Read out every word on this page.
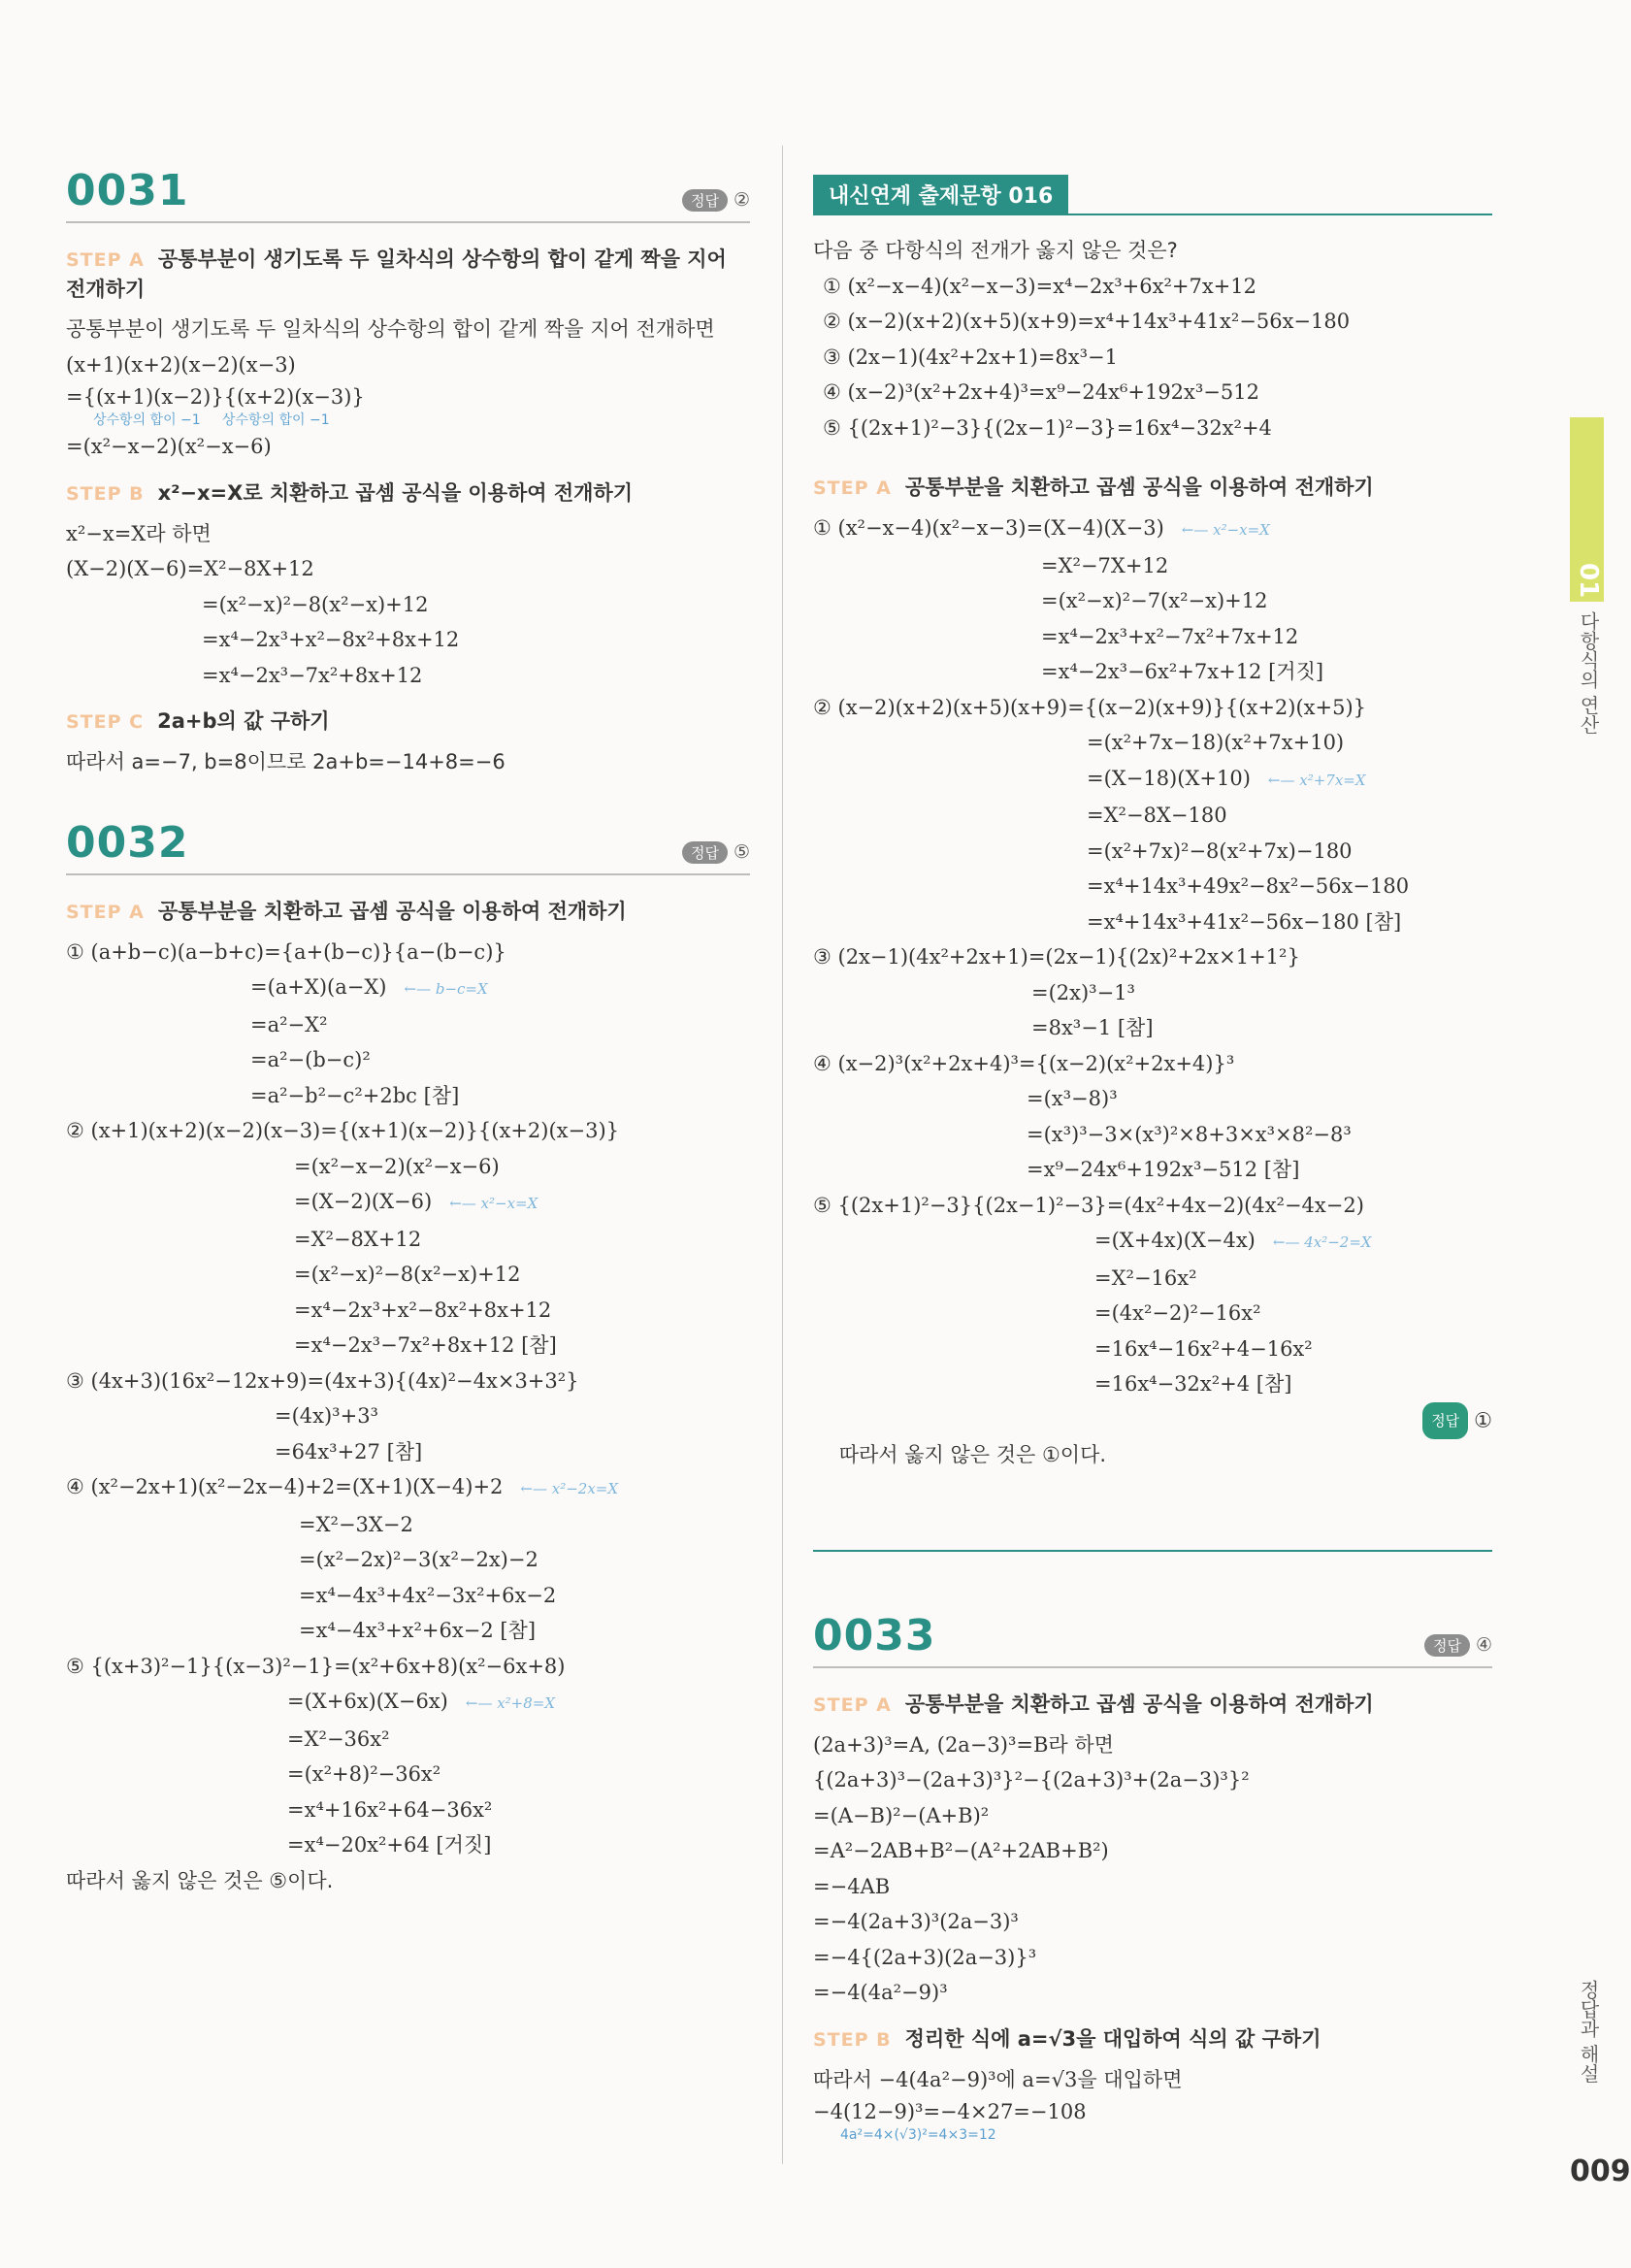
0031	정답 ②
STEP A 공통부분이 생기도록 두 일차식의 상수항의 합이 같게 짝을 지어 전개하기
공통부분이 생기도록 두 일차식의 상수항의 합이 같게 짝을 지어 전개하면
(x+1)(x+2)(x−2)(x−3)
={(x+1)(x−2)}{(x+2)(x−3)}
상수항의 합이 −1     상수항의 합이 −1
=(x²−x−2)(x²−x−6)
STEP B x²−x=X로 치환하고 곱셈 공식을 이용하여 전개하기
x²−x=X라 하면
(X−2)(X−6)=X²−8X+12
=(x²−x)²−8(x²−x)+12
=x⁴−2x³+x²−8x²+8x+12
=x⁴−2x³−7x²+8x+12
STEP C 2a+b의 값 구하기
따라서 a=−7, b=8이므로 2a+b=−14+8=−6
0032	정답 ⑤
STEP A 공통부분을 치환하고 곱셈 공식을 이용하여 전개하기
① (a+b−c)(a−b+c)={a+(b−c)}{a−(b−c)}
=(a+X)(a−X) ←— b−c=X
=a²−X²
=a²−(b−c)²
=a²−b²−c²+2bc [참]
② (x+1)(x+2)(x−2)(x−3)={(x+1)(x−2)}{(x+2)(x−3)}
=(x²−x−2)(x²−x−6)
=(X−2)(X−6) ←— x²−x=X
=X²−8X+12
=(x²−x)²−8(x²−x)+12
=x⁴−2x³+x²−8x²+8x+12
=x⁴−2x³−7x²+8x+12 [참]
③ (4x+3)(16x²−12x+9)=(4x+3){(4x)²−4x×3+3²}
=(4x)³+3³
=64x³+27 [참]
④ (x²−2x+1)(x²−2x−4)+2=(X+1)(X−4)+2 ←— x²−2x=X
=X²−3X−2
=(x²−2x)²−3(x²−2x)−2
=x⁴−4x³+4x²−3x²+6x−2
=x⁴−4x³+x²+6x−2 [참]
⑤ {(x+3)²−1}{(x−3)²−1}=(x²+6x+8)(x²−6x+8)
=(X+6x)(X−6x) ←— x²+8=X
=X²−36x²
=(x²+8)²−36x²
=x⁴+16x²+64−36x²
=x⁴−20x²+64 [거짓]
따라서 옳지 않은 것은 ⑤이다.
내신연계 출제문항 016
다음 중 다항식의 전개가 옳지 않은 것은?
① (x²−x−4)(x²−x−3)=x⁴−2x³+6x²+7x+12
② (x−2)(x+2)(x+5)(x+9)=x⁴+14x³+41x²−56x−180
③ (2x−1)(4x²+2x+1)=8x³−1
④ (x−2)³(x²+2x+4)³=x⁹−24x⁶+192x³−512
⑤ {(2x+1)²−3}{(2x−1)²−3}=16x⁴−32x²+4
STEP A 공통부분을 치환하고 곱셈 공식을 이용하여 전개하기
① (x²−x−4)(x²−x−3)=(X−4)(X−3) ←— x²−x=X
=X²−7X+12
=(x²−x)²−7(x²−x)+12
=x⁴−2x³+x²−7x²+7x+12
=x⁴−2x³−6x²+7x+12 [거짓]
② (x−2)(x+2)(x+5)(x+9)={(x−2)(x+9)}{(x+2)(x+5)}
=(x²+7x−18)(x²+7x+10)
=(X−18)(X+10) ←— x²+7x=X
=X²−8X−180
=(x²+7x)²−8(x²+7x)−180
=x⁴+14x³+49x²−8x²−56x−180
=x⁴+14x³+41x²−56x−180 [참]
③ (2x−1)(4x²+2x+1)=(2x−1){(2x)²+2x×1+1²}
=(2x)³−1³
=8x³−1 [참]
④ (x−2)³(x²+2x+4)³={(x−2)(x²+2x+4)}³
=(x³−8)³
=(x³)³−3×(x³)²×8+3×x³×8²−8³
=x⁹−24x⁶+192x³−512 [참]
⑤ {(2x+1)²−3}{(2x−1)²−3}=(4x²+4x−2)(4x²−4x−2)
=(X+4x)(X−4x) ←— 4x²−2=X
=X²−16x²
=(4x²−2)²−16x²
=16x⁴−16x²+4−16x²
=16x⁴−32x²+4 [참]

따라서 옳지 않은 것은 ①이다.

정답 ①

0033	정답 ④
STEP A 공통부분을 치환하고 곱셈 공식을 이용하여 전개하기
(2a+3)³=A, (2a−3)³=B라 하면
{(2a+3)³−(2a+3)³}²−{(2a+3)³+(2a−3)³}²
=(A−B)²−(A+B)²
=A²−2AB+B²−(A²+2AB+B²)
=−4AB
=−4(2a+3)³(2a−3)³
=−4{(2a+3)(2a−3)}³
=−4(4a²−9)³
STEP B 정리한 식에 a=√3을 대입하여 식의 값 구하기
따라서 −4(4a²−9)³에 a=√3을 대입하면
−4(12−9)³=−4×27=−108
4a²=4×(√3)²=4×3=12
01
다항식의 연산
정답과 해설
009
